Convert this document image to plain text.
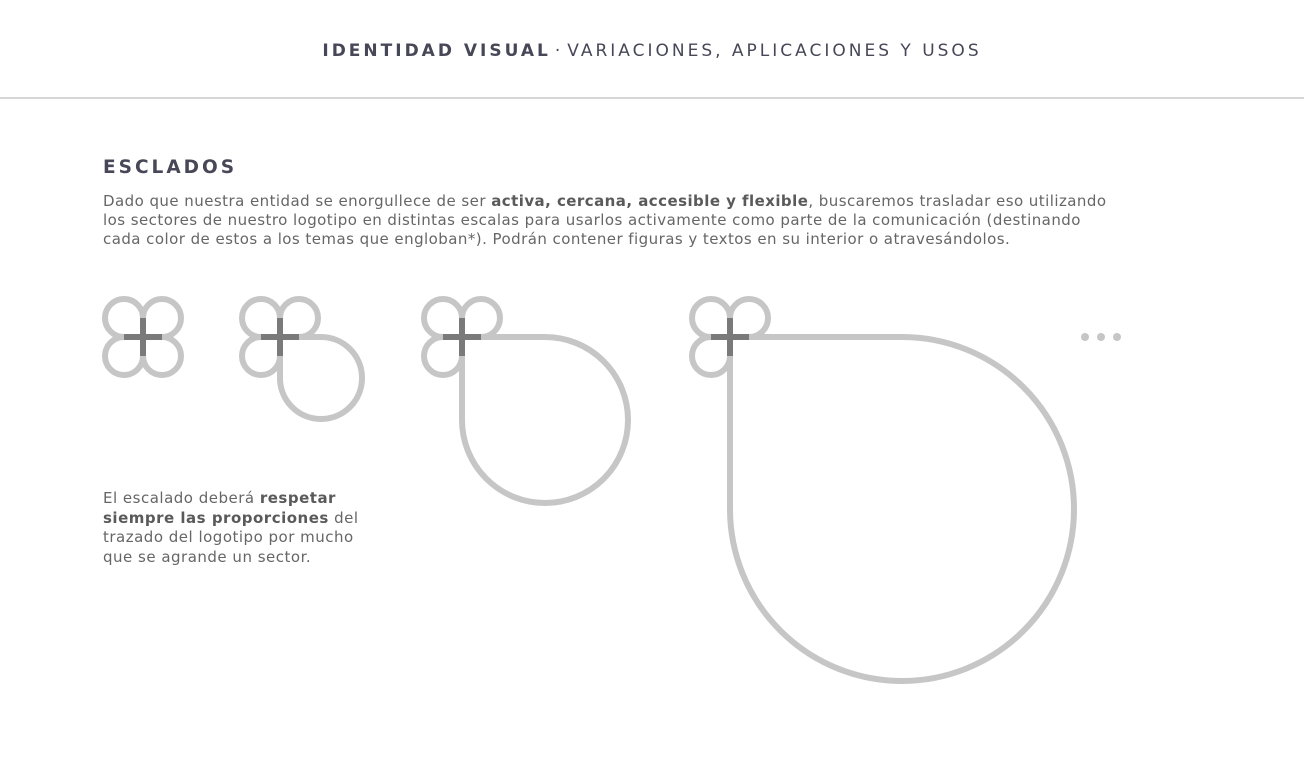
IDENTIDAD VISUAL · VARIACIONES, APLICACIONES Y USOS
ESCLADOS

Dado que nuestra entidad se enorgullece de ser activa, cercana, accesible y flexible, buscaremos trasladar eso utilizando
los sectores de nuestro logotipo en distintas escalas para usarlos activamente como parte de la comunicación (destinando
cada color de estos a los temas que engloban*). Podrán contener figuras y textos en su interior o atravesándolos.

El escalado deberá respetar
siempre las proporciones del
trazado del logotipo por mucho
que se agrande un sector.
